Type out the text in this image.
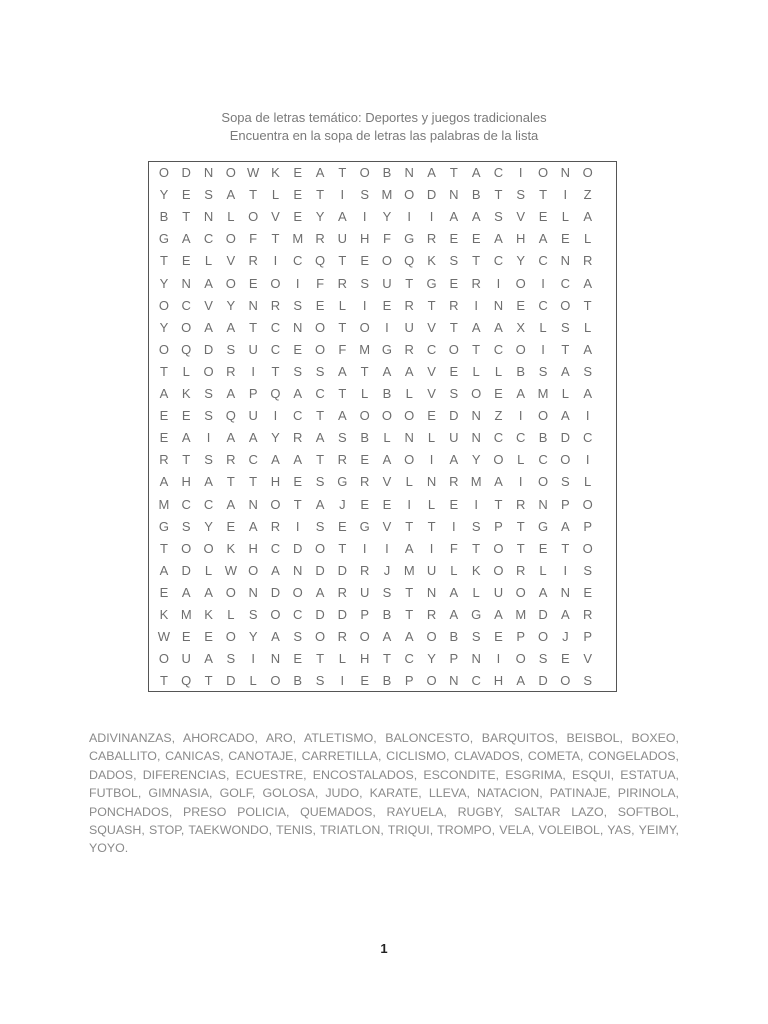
Sopa de letras temático: Deportes y juegos tradicionales
Encuentra en la sopa de letras las palabras de la lista
O D N O W K	E	A	T	O B	N	A	T	A	C	I	O N O
Y	E	S	A	T	L	E	T	I	S M O D N	B	T	S	T	I	Z
B	T	N	L	O V	E	Y	A	I	Y	I	I	A	A	S	V	E	L	A
G A	C O	F	T M R U H	F	G R	E	E	A	H	A	E	L
T	E	L	V	R	I	C Q	T	E O Q K	S	T	C	Y	C N R
Y	N	A O E O	I	F	R	S	U	T	G E	R	I	O	I	C	A
O C	V	Y	N R	S	E	L	I	E	R	T	R	I	N	E	C O	T
Y O A	A	T	C N O	T	O	I	U	V	T	A	A	X	L	S	L
O Q D	S	U C	E O	F M G R C O	T	C O	I	T	A
T	L	O R	I	T	S	S	A	T	A	A	V	E	L	L	B	S	A	S
A	K	S	A	P Q A	C	T	L	B	L	V	S O E	A M	L	A
E	E	S Q U	I	C	T	A O O O E	D N	Z	I	O A	I
E	A	I	A	A	Y	R	A	S	B	L	N	L	U N C C	B	D C
R	T	S	R C	A	A	T	R	E	A O	I	A	Y O	L	C O	I
A	H	A	T	T	H	E	S G R	V	L	N R M A	I	O S	L
M C C	A	N O	T	A	J	E	E	I	L	E	I	T	R N	P O
G S	Y	E	A	R	I	S	E G V	T	T	I	S	P	T	G A	P
T	O O K	H C D O	T	I	I	A	I	F	T	O	T	E	T	O
A	D	L W O A	N D D R	J	M U	L	K O R	L	I	S
E	A	A O N D O A	R U	S	T	N	A	L	U O A	N	E
K M K	L	S O C D D	P	B	T	R	A G A M D	A	R
W E	E O Y	A	S O R O A	A O B	S	E	P O	J	P
O U	A	S	I	N	E	T	L	H	T	C	Y	P	N	I	O S	E	V
T	Q	T	D	L	O B	S	I	E	B	P O N C H	A	D O S

ADIVINANZAS, AHORCADO, ARO, ATLETISMO, BALONCESTO, BARQUITOS, BEISBOL, BOXEO, CABALLITO, CANICAS, CANOTAJE, CARRETILLA, CICLISMO, CLAVADOS, COMETA, CONGELADOS, DADOS, DIFERENCIAS, ECUESTRE, ENCOSTALADOS, ESCONDITE, ESGRIMA, ESQUI, ESTATUA, FUTBOL, GIMNASIA, GOLF, GOLOSA, JUDO, KARATE, LLEVA, NATACION, PATINAJE, PIRINOLA, PONCHADOS, PRESO POLICIA, QUEMADOS, RAYUELA, RUGBY, SALTAR LAZO, SOFTBOL, SQUASH, STOP, TAEKWONDO, TENIS, TRIATLON, TRIQUI, TROMPO, VELA, VOLEIBOL, YAS, YEIMY, YOYO.

1
